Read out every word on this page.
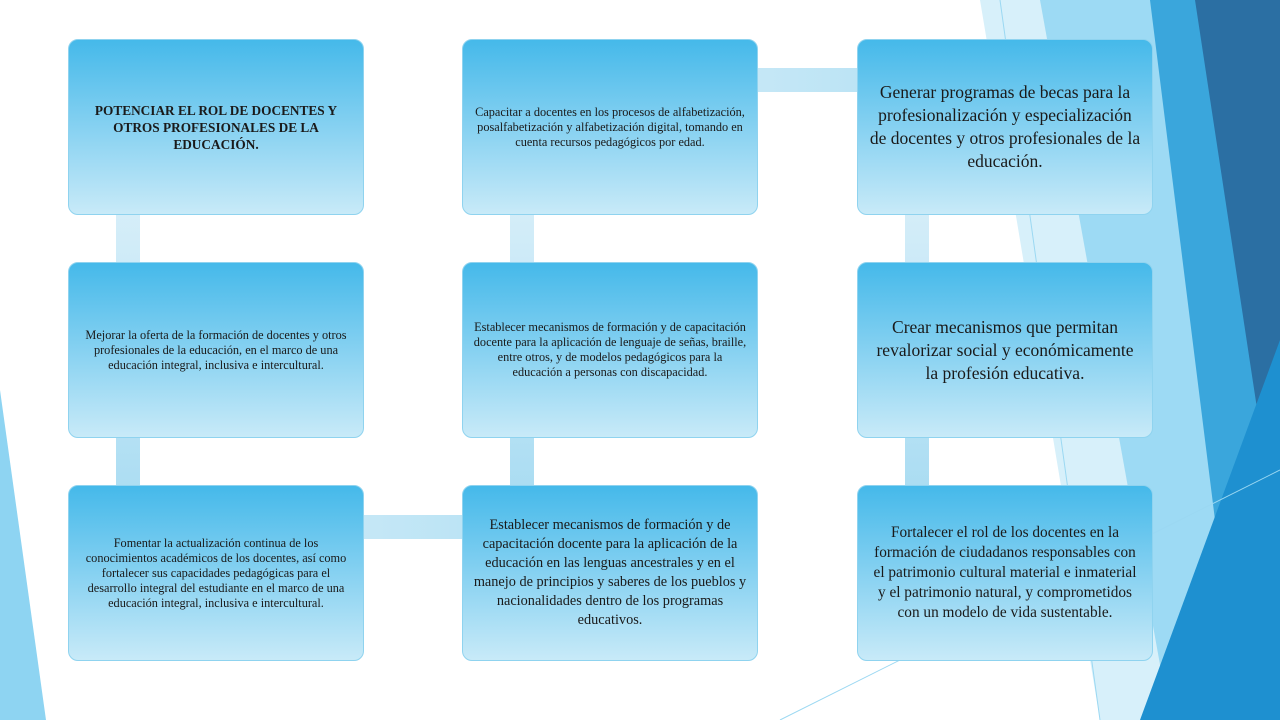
POTENCIAR EL ROL DE DOCENTES Y OTROS PROFESIONALES DE LA EDUCACIÓN.
Mejorar la oferta de la formación de docentes y otros profesionales de la educación, en el marco de una educación integral, inclusiva e intercultural.
Fomentar la actualización continua de los conocimientos académicos de los docentes, así como fortalecer sus capacidades pedagógicas para el desarrollo integral del estudiante en el marco de una educación integral, inclusiva e intercultural.
Capacitar a docentes en los procesos de alfabetización, posalfabetización y alfabetización digital, tomando en cuenta recursos pedagógicos por edad.
Establecer mecanismos de formación y de capacitación docente para la aplicación de lenguaje de señas, braille, entre otros, y de modelos pedagógicos para la educación a personas con discapacidad.
Establecer mecanismos de formación y de capacitación docente para la aplicación de la educación en las lenguas ancestrales y en el manejo de principios y saberes de los pueblos y nacionalidades dentro de los programas educativos.
Generar programas de becas para la profesionalización y especialización de docentes y otros profesionales de la educación.
Crear mecanismos que permitan revalorizar social y económicamente la profesión educativa.
Fortalecer el rol de los docentes en la formación de ciudadanos responsables con el patrimonio cultural material e inmaterial y el patrimonio natural, y comprometidos con un modelo de vida sustentable.
